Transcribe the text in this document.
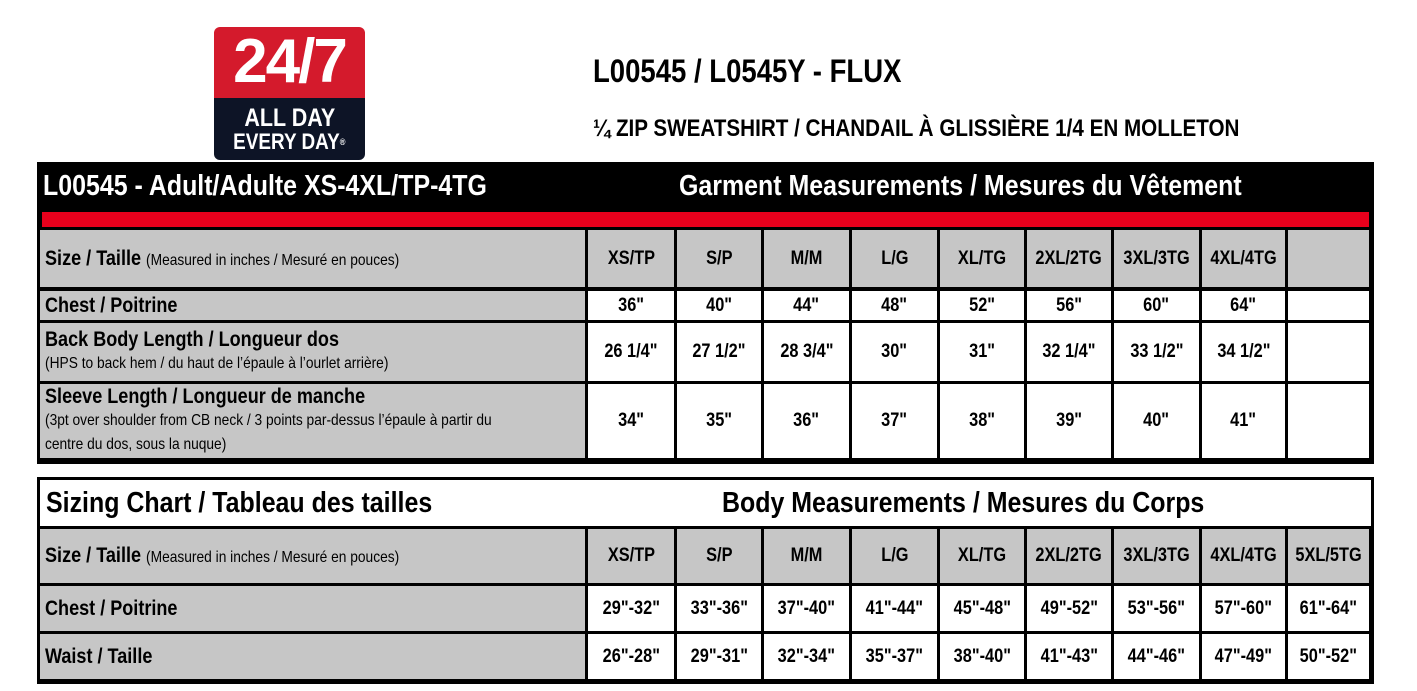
24/7
ALL DAY
EVERY DAY®
L00545 / L0545Y - FLUX
¼ ZIP SWEATSHIRT / CHANDAIL À GLISSIÈRE 1/4 EN MOLLETON
L00545 - Adult/Adulte XS-4XL/TP-4TG	Garment Measurements / Mesures du Vêtement
Size / Taille (Measured in inches / Mesuré en pouces)	XS/TP	S/P	M/M	L/G	XL/TG 2XL/2TG 3XL/3TG 4XL/4TG
Chest / Poitrine	36"	40"	44"	48"	52"	56"	60"	64"
Back Body Length / Longueur dos
(HPS to back hem / du haut de l’épaule à l’ourlet arrière)
26 1/4" 27 1/2" 28 3/4"	30"	31" 32 1/4" 33 1/2" 34 1/2"
Sleeve Length / Longueur de manche
(3pt over shoulder from CB neck / 3 points par-dessus l’épaule à partir du
centre du dos, sous la nuque)
34"	35"	36"	37"	38"	39"	40"	41"
Sizing Chart / Tableau des tailles	Body Measurements / Mesures du Corps
Size / Taille (Measured in inches / Mesuré en pouces)	XS/TP	S/P	M/M	L/G	XL/TG 2XL/2TG 3XL/3TG 4XL/4TG 5XL/5TG
Chest / Poitrine	29"-32" 33"-36" 37"-40" 41"-44" 45"-48" 49"-52" 53"-56" 57"-60" 61"-64"
Waist / Taille	26"-28" 29"-31" 32"-34" 35"-37" 38"-40" 41"-43" 44"-46" 47"-49" 50"-52"
